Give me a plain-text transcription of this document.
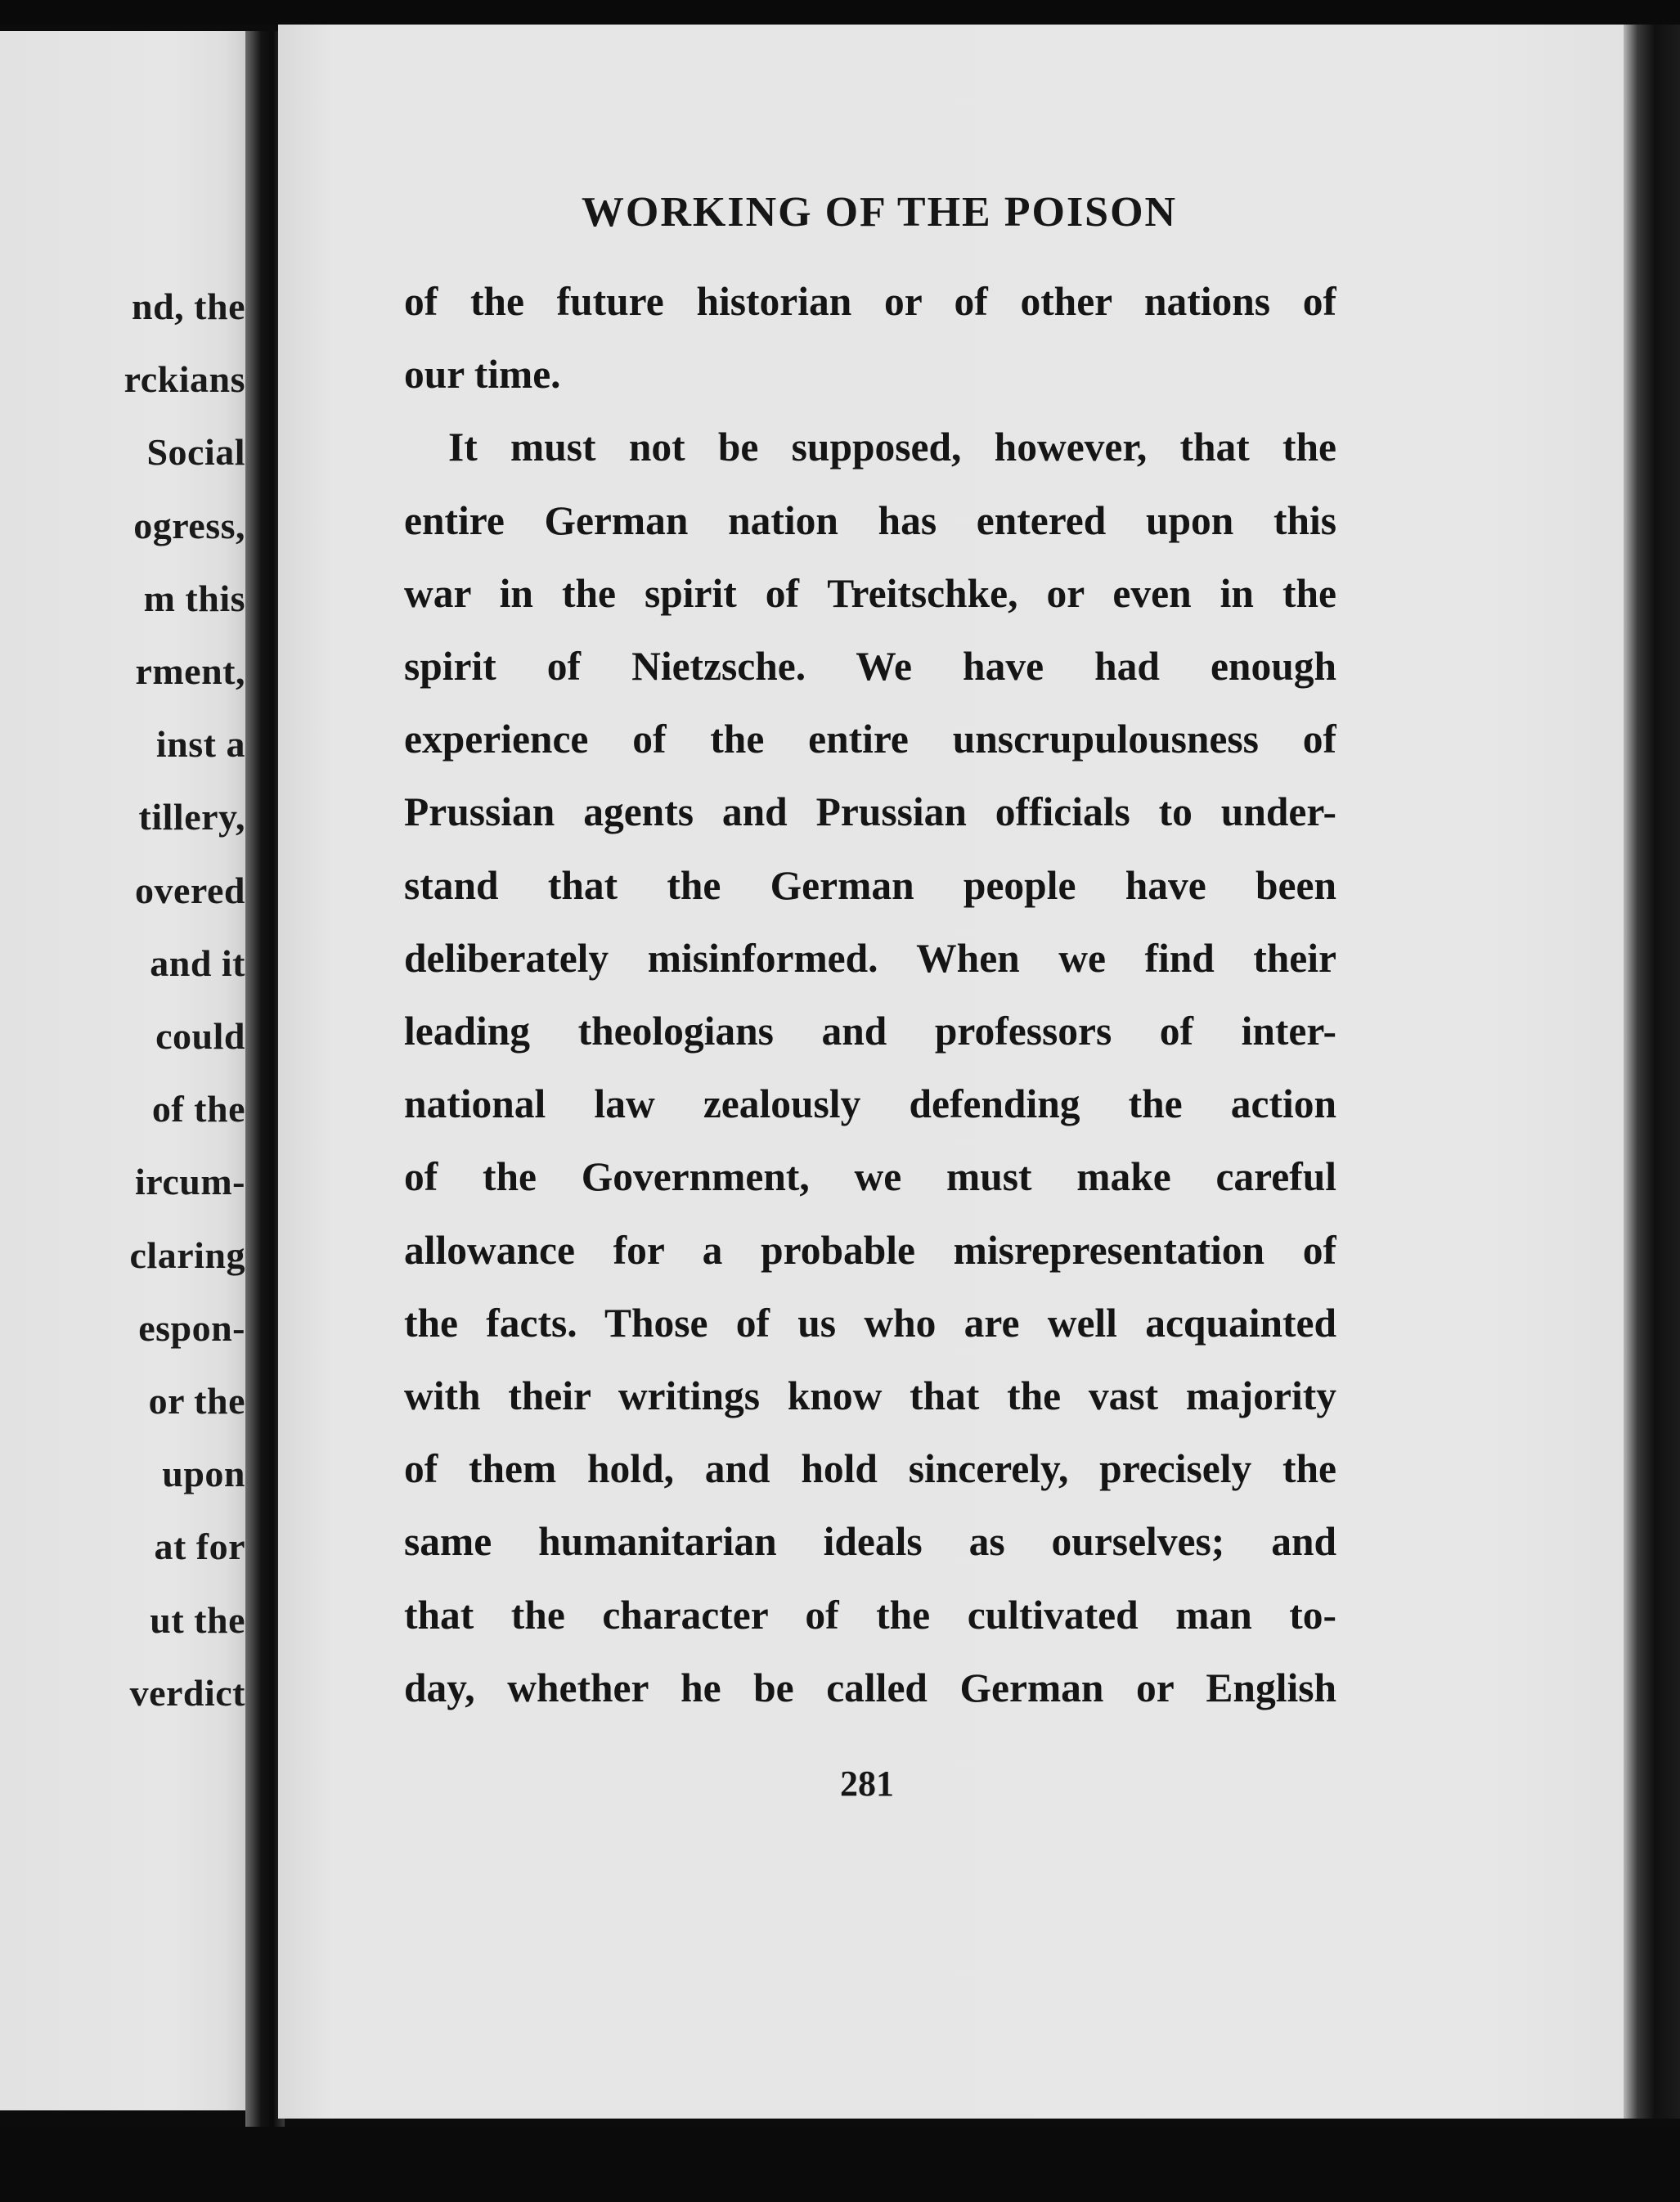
nd, the
rckians
Social
ogress,
m this
rment,
inst a
tillery,
overed
and it
could
of the
ircum-
claring
espon-
or the
upon
at for
ut the
verdict
WORKING OF THE POISON
of the future historian or of other nations of
our time.
It must not be supposed, however, that the
entire German nation has entered upon this
war in the spirit of Treitschke, or even in the
spirit of Nietzsche. We have had enough
experience of the entire unscrupulousness of
Prussian agents and Prussian officials to under-
stand that the German people have been
deliberately misinformed. When we find their
leading theologians and professors of inter-
national law zealously defending the action
of the Government, we must make careful
allowance for a probable misrepresentation of
the facts. Those of us who are well acquainted
with their writings know that the vast majority
of them hold, and hold sincerely, precisely the
same humanitarian ideals as ourselves; and
that the character of the cultivated man to-
day, whether he be called German or English

281
